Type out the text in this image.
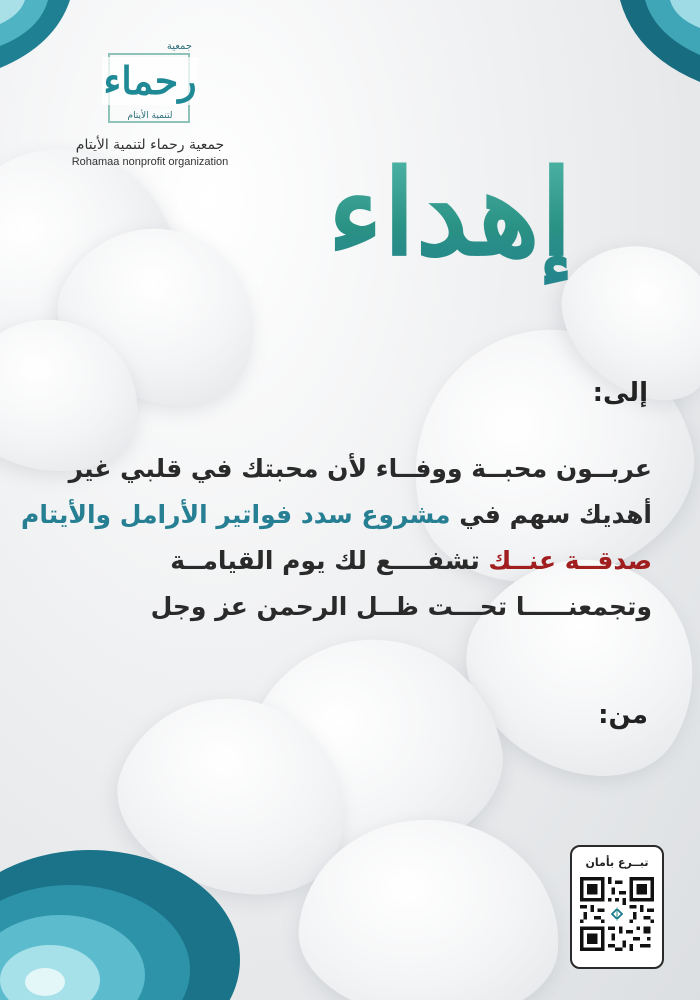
جمعية
رحماء
لتنمية الأيتام
جمعية رحماء لتنمية الأيتام
Rohamaa nonprofit organization إهداء
إلى:
عربــون محبــة ووفــاء لأن محبتك في قلبي غير
أهديك سهم في مشروع سدد فواتير الأرامل والأيتام
صدقــة عنــك تشفــــع لك يوم القيامــة
وتجمعنـــــا تحـــت ظــل الرحمن عز وجل
من:
تبــرع بأمان
